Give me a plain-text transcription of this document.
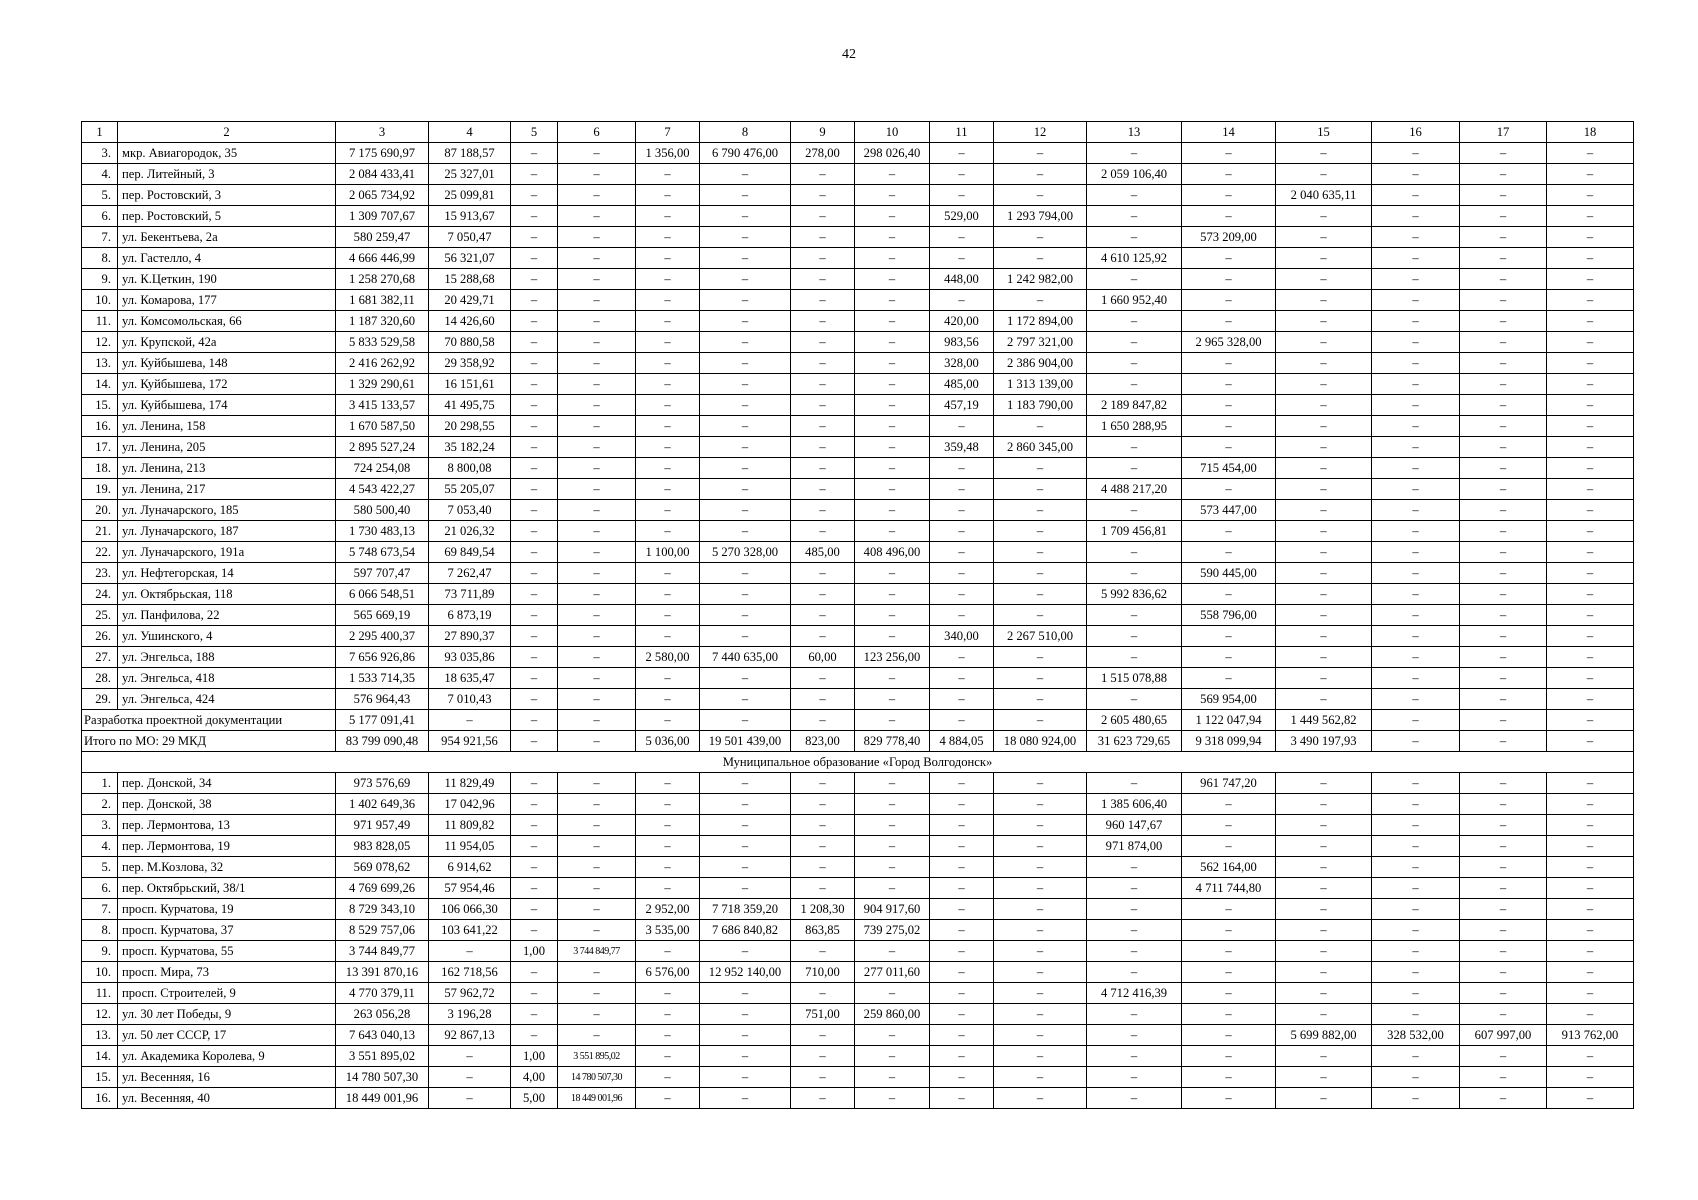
42
1	2	3	4	5	6	7	8	9	10	11	12	13	14	15	16	17	18
3.	мкр. Авиагородок, 35	7 175 690,97	87 188,57	–	–	1 356,00	6 790 476,00	278,00	298 026,40	–	–	–	–	–	–	–	–
4.	пер. Литейный, 3	2 084 433,41	25 327,01	–	–	–	–	–	–	–	–	2 059 106,40	–	–	–	–	–
5.	пер. Ростовский, 3	2 065 734,92	25 099,81	–	–	–	–	–	–	–	–	–	–	2 040 635,11	–	–	–
6.	пер. Ростовский, 5	1 309 707,67	15 913,67	–	–	–	–	–	–	529,00	1 293 794,00	–	–	–	–	–	–
7.	ул. Бекентьева, 2а	580 259,47	7 050,47	–	–	–	–	–	–	–	–	–	573 209,00	–	–	–	–
8.	ул. Гастелло, 4	4 666 446,99	56 321,07	–	–	–	–	–	–	–	–	4 610 125,92	–	–	–	–	–
9.	ул. К.Цеткин, 190	1 258 270,68	15 288,68	–	–	–	–	–	–	448,00	1 242 982,00	–	–	–	–	–	–
10.	ул. Комарова, 177	1 681 382,11	20 429,71	–	–	–	–	–	–	–	–	1 660 952,40	–	–	–	–	–
11.	ул. Комсомольская, 66	1 187 320,60	14 426,60	–	–	–	–	–	–	420,00	1 172 894,00	–	–	–	–	–	–
12.	ул. Крупской, 42а	5 833 529,58	70 880,58	–	–	–	–	–	–	983,56	2 797 321,00	–	2 965 328,00	–	–	–	–
13.	ул. Куйбышева, 148	2 416 262,92	29 358,92	–	–	–	–	–	–	328,00	2 386 904,00	–	–	–	–	–	–
14.	ул. Куйбышева, 172	1 329 290,61	16 151,61	–	–	–	–	–	–	485,00	1 313 139,00	–	–	–	–	–	–
15.	ул. Куйбышева, 174	3 415 133,57	41 495,75	–	–	–	–	–	–	457,19	1 183 790,00	2 189 847,82	–	–	–	–	–
16.	ул. Ленина, 158	1 670 587,50	20 298,55	–	–	–	–	–	–	–	–	1 650 288,95	–	–	–	–	–
17.	ул. Ленина, 205	2 895 527,24	35 182,24	–	–	–	–	–	–	359,48	2 860 345,00	–	–	–	–	–	–
18.	ул. Ленина, 213	724 254,08	8 800,08	–	–	–	–	–	–	–	–	–	715 454,00	–	–	–	–
19.	ул. Ленина, 217	4 543 422,27	55 205,07	–	–	–	–	–	–	–	–	4 488 217,20	–	–	–	–	–
20.	ул. Луначарского, 185	580 500,40	7 053,40	–	–	–	–	–	–	–	–	–	573 447,00	–	–	–	–
21.	ул. Луначарского, 187	1 730 483,13	21 026,32	–	–	–	–	–	–	–	–	1 709 456,81	–	–	–	–	–
22.	ул. Луначарского, 191а	5 748 673,54	69 849,54	–	–	1 100,00	5 270 328,00	485,00	408 496,00	–	–	–	–	–	–	–	–
23.	ул. Нефтегорская, 14	597 707,47	7 262,47	–	–	–	–	–	–	–	–	–	590 445,00	–	–	–	–
24.	ул. Октябрьская, 118	6 066 548,51	73 711,89	–	–	–	–	–	–	–	–	5 992 836,62	–	–	–	–	–
25.	ул. Панфилова, 22	565 669,19	6 873,19	–	–	–	–	–	–	–	–	–	558 796,00	–	–	–	–
26.	ул. Ушинского, 4	2 295 400,37	27 890,37	–	–	–	–	–	–	340,00	2 267 510,00	–	–	–	–	–	–
27.	ул. Энгельса, 188	7 656 926,86	93 035,86	–	–	2 580,00	7 440 635,00	60,00	123 256,00	–	–	–	–	–	–	–	–
28.	ул. Энгельса, 418	1 533 714,35	18 635,47	–	–	–	–	–	–	–	–	1 515 078,88	–	–	–	–	–
29.	ул. Энгельса, 424	576 964,43	7 010,43	–	–	–	–	–	–	–	–	–	569 954,00	–	–	–	–
Разработка проектной документации		5 177 091,41	–	–	–	–	–	–	–	–	–	2 605 480,65	1 122 047,94	1 449 562,82	–	–	–
Итого по МО: 29 МКД		83 799 090,48	954 921,56	–	–	5 036,00	19 501 439,00	823,00	829 778,40	4 884,05	18 080 924,00	31 623 729,65	9 318 099,94	3 490 197,93	–	–	–
Муниципальное образование «Город Волгодонск»																	
1.	пер. Донской, 34	973 576,69	11 829,49	–	–	–	–	–	–	–	–	–	961 747,20	–	–	–	–
2.	пер. Донской, 38	1 402 649,36	17 042,96	–	–	–	–	–	–	–	–	1 385 606,40	–	–	–	–	–
3.	пер. Лермонтова, 13	971 957,49	11 809,82	–	–	–	–	–	–	–	–	960 147,67	–	–	–	–	–
4.	пер. Лермонтова, 19	983 828,05	11 954,05	–	–	–	–	–	–	–	–	971 874,00	–	–	–	–	–
5.	пер. М.Козлова, 32	569 078,62	6 914,62	–	–	–	–	–	–	–	–	–	562 164,00	–	–	–	–
6.	пер. Октябрьский, 38/1	4 769 699,26	57 954,46	–	–	–	–	–	–	–	–	–	4 711 744,80	–	–	–	–
7.	просп. Курчатова, 19	8 729 343,10	106 066,30	–	–	2 952,00	7 718 359,20	1 208,30	904 917,60	–	–	–	–	–	–	–	–
8.	просп. Курчатова, 37	8 529 757,06	103 641,22	–	–	3 535,00	7 686 840,82	863,85	739 275,02	–	–	–	–	–	–	–	–
9.	просп. Курчатова, 55	3 744 849,77	–	1,00	3 744 849,77	–	–	–	–	–	–	–	–	–	–	–	–
10.	просп. Мира, 73	13 391 870,16	162 718,56	–	–	6 576,00	12 952 140,00	710,00	277 011,60	–	–	–	–	–	–	–	–
11.	просп. Строителей, 9	4 770 379,11	57 962,72	–	–	–	–	–	–	–	–	4 712 416,39	–	–	–	–	–
12.	ул. 30 лет Победы, 9	263 056,28	3 196,28	–	–	–	–	751,00	259 860,00	–	–	–	–	–	–	–	–
13.	ул. 50 лет СССР, 17	7 643 040,13	92 867,13	–	–	–	–	–	–	–	–	–	–	5 699 882,00	328 532,00	607 997,00	913 762,00
14.	ул. Академика Королева, 9	3 551 895,02	–	1,00	3 551 895,02	–	–	–	–	–	–	–	–	–	–	–	–
15.	ул. Весенняя, 16	14 780 507,30	–	4,00	14 780 507,30	–	–	–	–	–	–	–	–	–	–	–	–
16.	ул. Весенняя, 40	18 449 001,96	–	5,00	18 449 001,96	–	–	–	–	–	–	–	–	–	–	–	–
